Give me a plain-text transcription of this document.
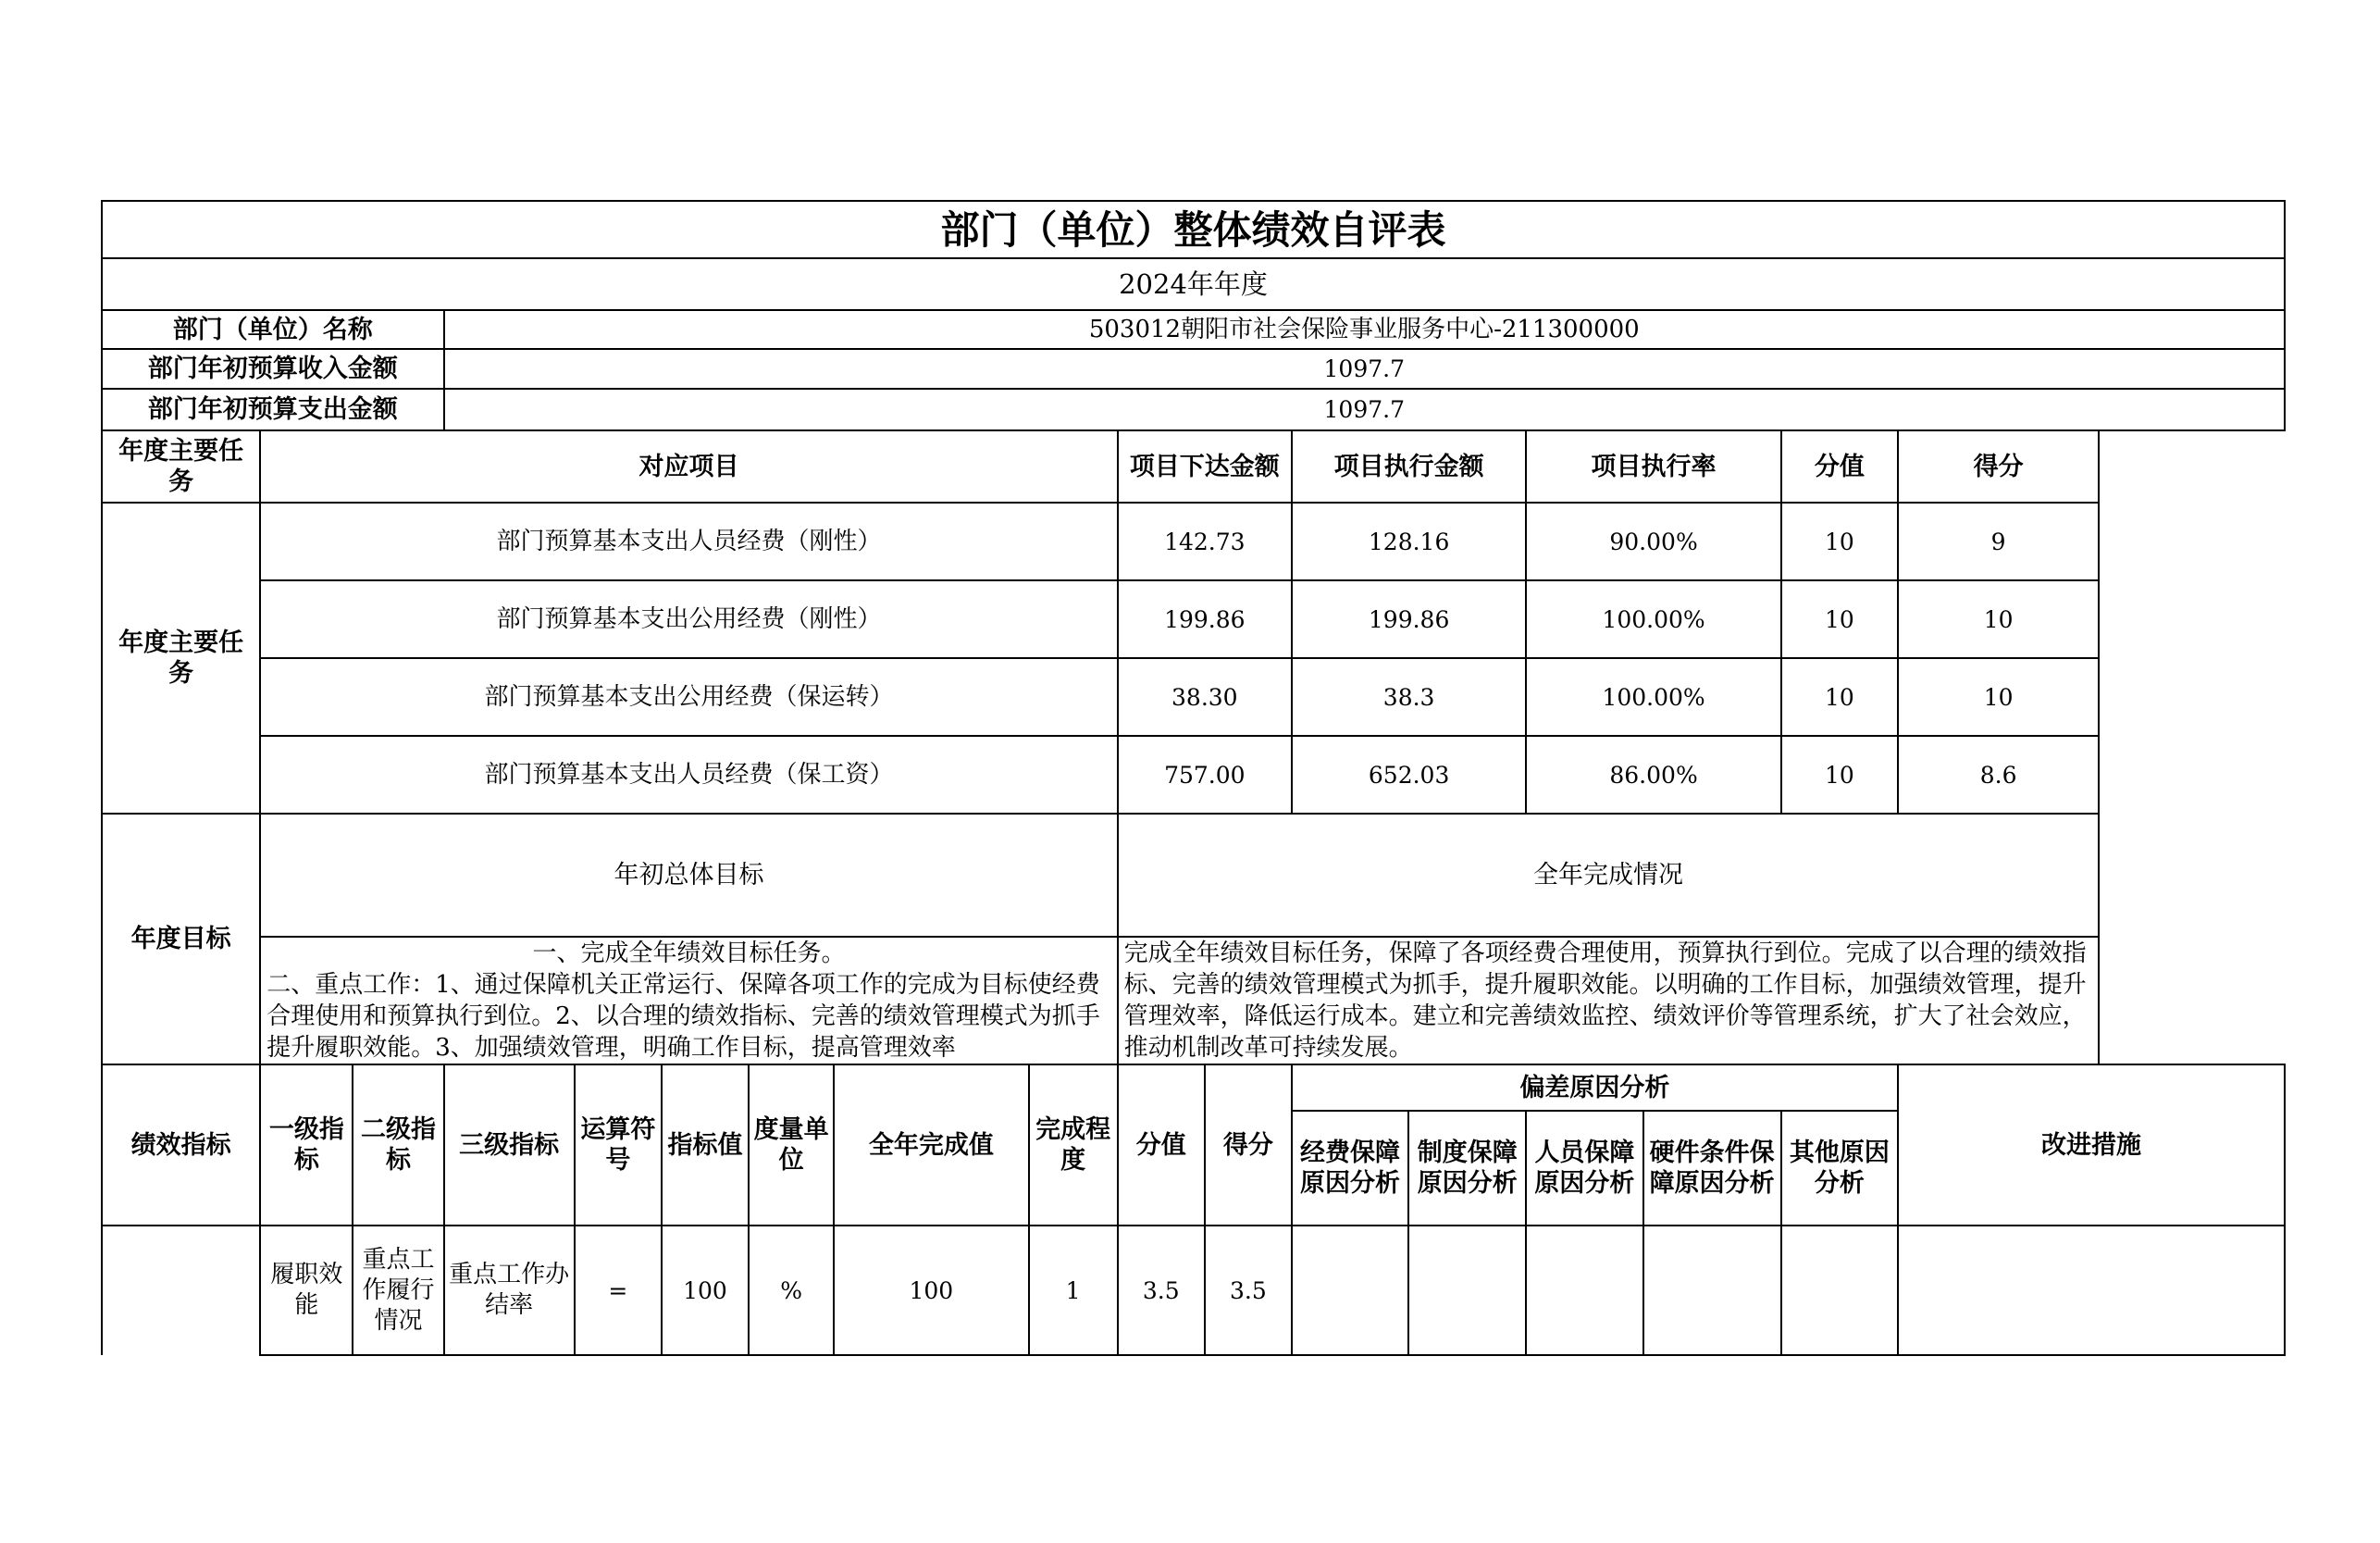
部门（单位）整体绩效自评表																	
2024年年度																	
部门（单位）名称			503012朝阳市社会保险事业服务中心-211300000														
部门年初预算收入金额			1097.7														
部门年初预算支出金额			1097.7														
年度主要任务	对应项目								项目下达金额		项目执行金额		项目执行率		分值	得分	
年度主要任务	部门预算基本支出人员经费（刚性）								142.73		128.16		90.00%		10	9	
	部门预算基本支出公用经费（刚性）								199.86		199.86		100.00%		10	10	
	部门预算基本支出公用经费（保运转）								38.30		38.3		100.00%		10	10	
	部门预算基本支出人员经费（保工资）								757.00		652.03		86.00%		10	8.6	
年度目标	年初总体目标								全年完成情况								

	一、完成全年绩效目标任务。
二、重点工作：1、通过保障机关正常运行、保障各项工作的完成为目标使经费合理使用和预算执行到位。2、以合理的绩效指标、完善的绩效管理模式为抓手提升履职效能。3、加强绩效管理，明确工作目标，提高管理效率								完成全年绩效目标任务，保障了各项经费合理使用，预算执行到位。完成了以合理的绩效指标、完善的绩效管理模式为抓手，提升履职效能。以明确的工作目标，加强绩效管理，提升管理效率，降低运行成本。建立和完善绩效监控、绩效评价等管理系统，扩大了社会效应，推动机制改革可持续发展。								
绩效指标	一级指标	二级指标	三级指标	运算符号	指标值	度量单位	全年完成值	完成程度	分值	得分	偏差原因分析					改进措施	
											经费保障原因分析	制度保障原因分析	人员保障原因分析	硬件条件保障原因分析	其他原因分析		
	履职效能	重点工作履行情况	重点工作办结率	=	100	%	100	1	3.5	3.5							
